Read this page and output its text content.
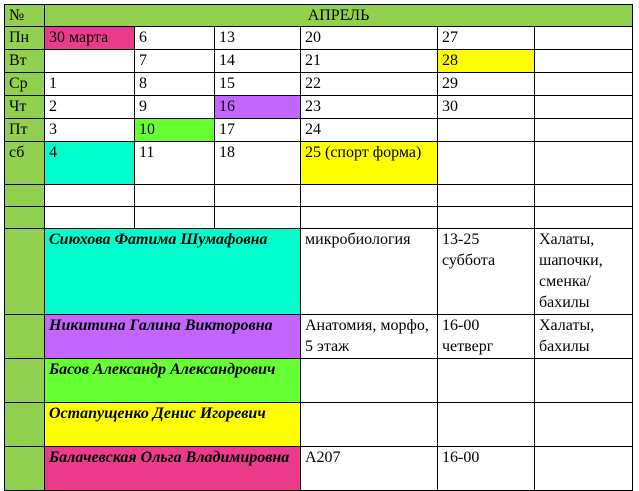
№	АПРЕЛЬ					
Пн	30 марта	6	13	20	27	
Вт		7	14	21	28	
Ср	1	8	15	22	29	
Чт	2	9	16	23	30	
Пт	3	10	17	24		
сб	4	11	18	25 (спорт форма)		

	Сиюхова Фатима Шумафовна			микробиология	13-25 суббота	Халаты, шапочки, сменка/ бахилы
	Никитина Галина Викторовна			Анатомия, морфо, 5 этаж	16-00 четверг	Халаты, бахилы
	Басов Александр Александрович					
	Остапущенко Денис Игоревич					
	Балачевская Ольга Владимировна			А207	16-00	
